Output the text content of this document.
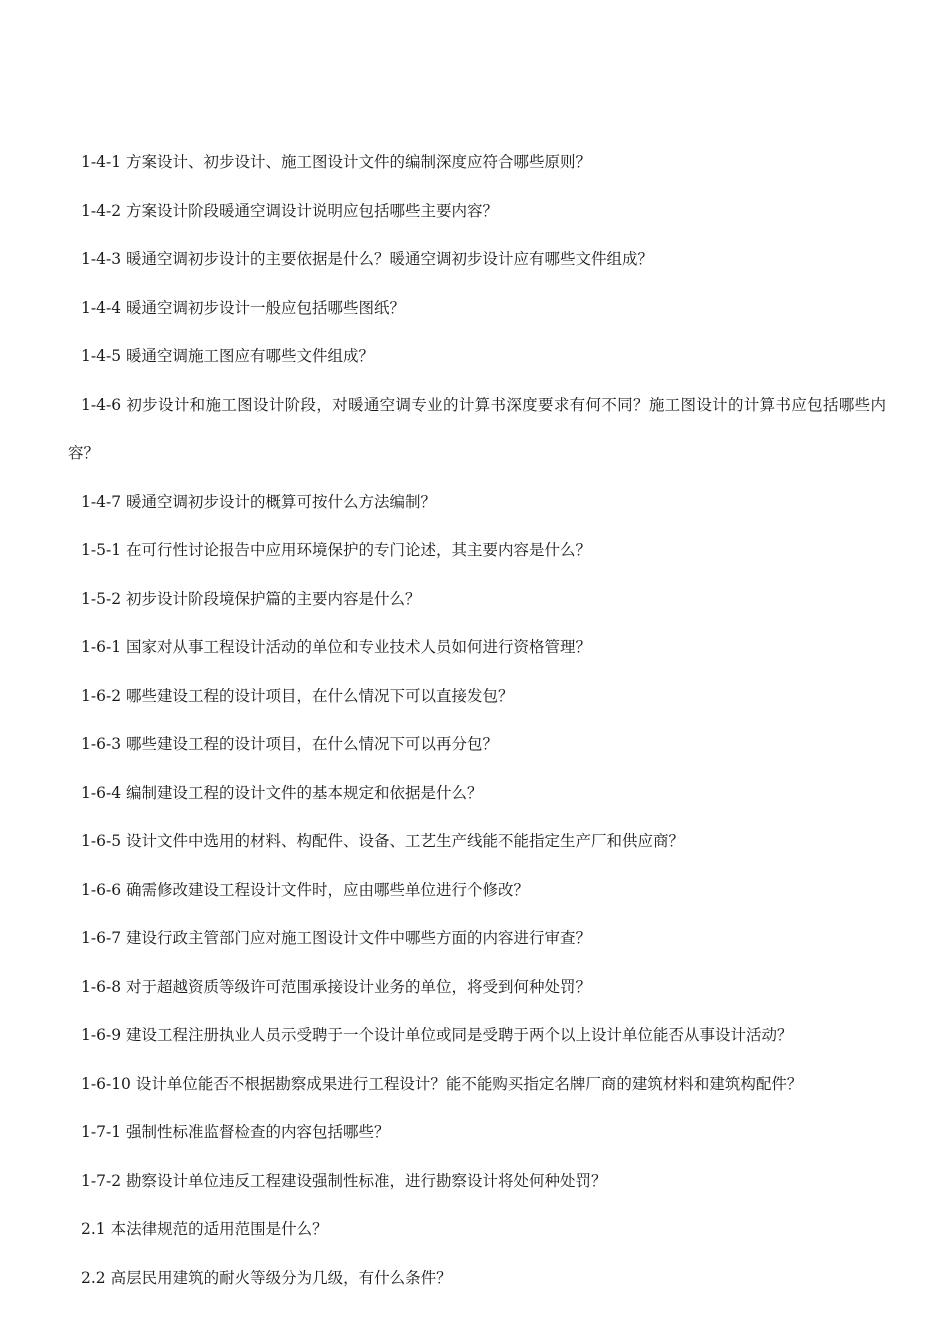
1-4-1 方案设计、初步设计、施工图设计文件的编制深度应符合哪些原则？

1-4-2 方案设计阶段暖通空调设计说明应包括哪些主要内容？

1-4-3 暖通空调初步设计的主要依据是什么？暖通空调初步设计应有哪些文件组成？

1-4-4 暖通空调初步设计一般应包括哪些图纸？

1-4-5 暖通空调施工图应有哪些文件组成？

1-4-6 初步设计和施工图设计阶段，对暖通空调专业的计算书深度要求有何不同？施工图设计的计算书应包括哪些内容？

1-4-7 暖通空调初步设计的概算可按什么方法编制？

1-5-1 在可行性讨论报告中应用环境保护的专门论述，其主要内容是什么？

1-5-2 初步设计阶段境保护篇的主要内容是什么？

1-6-1 国家对从事工程设计活动的单位和专业技术人员如何进行资格管理？

1-6-2 哪些建设工程的设计项目，在什么情况下可以直接发包？

1-6-3 哪些建设工程的设计项目，在什么情况下可以再分包？

1-6-4 编制建设工程的设计文件的基本规定和依据是什么？

1-6-5 设计文件中选用的材料、构配件、设备、工艺生产线能不能指定生产厂和供应商？

1-6-6 确需修改建设工程设计文件时，应由哪些单位进行个修改？

1-6-7 建设行政主管部门应对施工图设计文件中哪些方面的内容进行审查？

1-6-8 对于超越资质等级许可范围承接设计业务的单位，将受到何种处罚？

1-6-9 建设工程注册执业人员示受聘于一个设计单位或同是受聘于两个以上设计单位能否从事设计活动？

1-6-10 设计单位能否不根据勘察成果进行工程设计？能不能购买指定名牌厂商的建筑材料和建筑构配件？

1-7-1 强制性标准监督检查的内容包括哪些？

1-7-2 勘察设计单位违反工程建设强制性标准，进行勘察设计将处何种处罚？

2.1 本法律规范的适用范围是什么？

2.2 高层民用建筑的耐火等级分为几级，有什么条件？
